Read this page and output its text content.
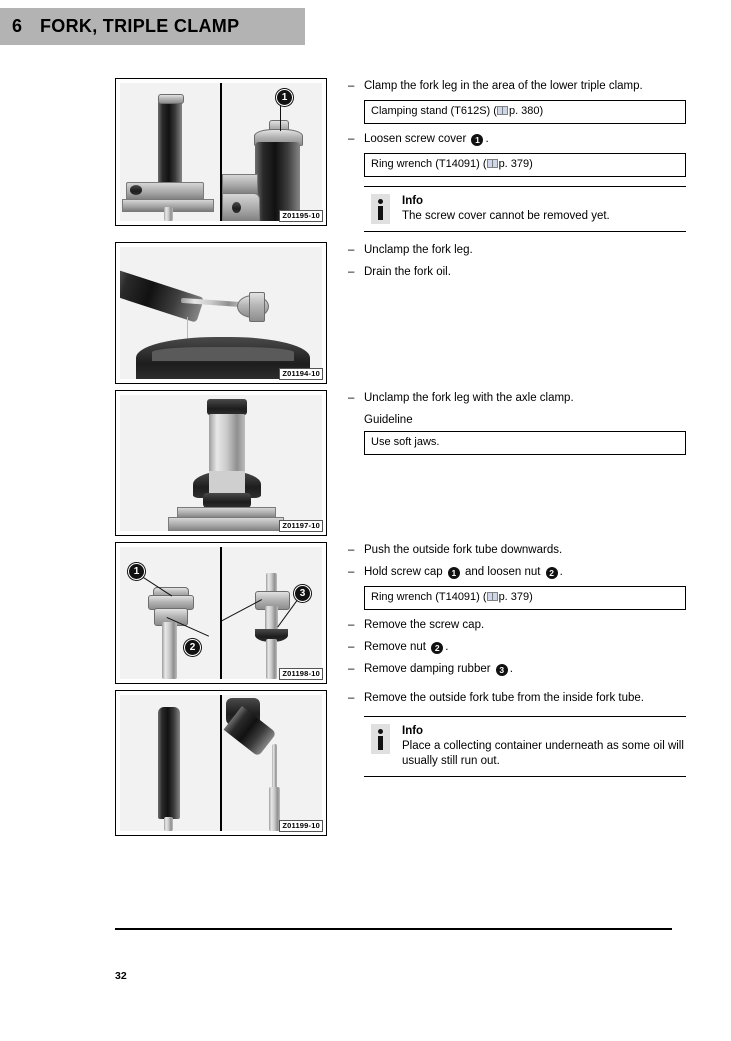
6 FORK, TRIPLE CLAMP
1
Z01195-10
– Clamp the fork leg in the area of the lower triple clamp.
Clamping stand (T612S) ( p. 380)
– Loosen screw cover 1 .
Ring wrench (T14091) ( p. 379)
Info
The screw cover cannot be removed yet.
Z01194-10
– Unclamp the fork leg.
– Drain the fork oil.
Z01197-10
– Unclamp the fork leg with the axle clamp.
Guideline
Use soft jaws.
1
2
3
Z01198-10
– Push the outside fork tube downwards.
– Hold screw cap 1 and loosen nut 2 .
Ring wrench (T14091) ( p. 379)
– Remove the screw cap.
– Remove nut 2 .
– Remove damping rubber 3 .
Z01199-10
– Remove the outside fork tube from the inside fork tube.
Info
Place a collecting container underneath as some oil will usually still run out.
32
